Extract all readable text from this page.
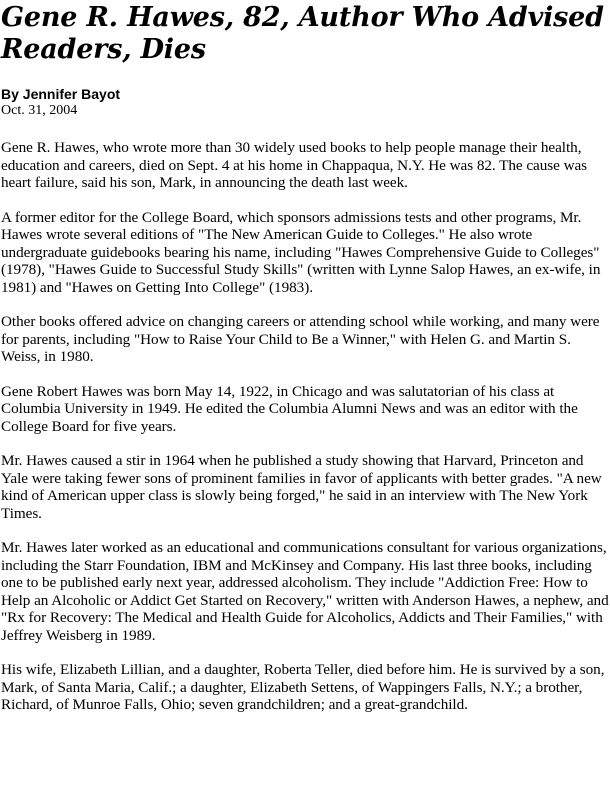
Gene R. Hawes, 82, Author Who Advised Readers, Dies
By Jennifer Bayot
Oct. 31, 2004

Gene R. Hawes, who wrote more than 30 widely used books to help people manage their health, education and careers, died on Sept. 4 at his home in Chappaqua, N.Y. He was 82. The cause was heart failure, said his son, Mark, in announcing the death last week.

A former editor for the College Board, which sponsors admissions tests and other programs, Mr. Hawes wrote several editions of "The New American Guide to Colleges." He also wrote undergraduate guidebooks bearing his name, including "Hawes Comprehensive Guide to Colleges" (1978), "Hawes Guide to Successful Study Skills" (written with Lynne Salop Hawes, an ex-wife, in 1981) and "Hawes on Getting Into College" (1983).

Other books offered advice on changing careers or attending school while working, and many were for parents, including "How to Raise Your Child to Be a Winner," with Helen G. and Martin S. Weiss, in 1980.

Gene Robert Hawes was born May 14, 1922, in Chicago and was salutatorian of his class at Columbia University in 1949. He edited the Columbia Alumni News and was an editor with the College Board for five years.

Mr. Hawes caused a stir in 1964 when he published a study showing that Harvard, Princeton and Yale were taking fewer sons of prominent families in favor of applicants with better grades. "A new kind of American upper class is slowly being forged," he said in an interview with The New York Times.

Mr. Hawes later worked as an educational and communications consultant for various organizations, including the Starr Foundation, IBM and McKinsey and Company. His last three books, including one to be published early next year, addressed alcoholism. They include "Addiction Free: How to Help an Alcoholic or Addict Get Started on Recovery," written with Anderson Hawes, a nephew, and "Rx for Recovery: The Medical and Health Guide for Alcoholics, Addicts and Their Families," with Jeffrey Weisberg in 1989.

His wife, Elizabeth Lillian, and a daughter, Roberta Teller, died before him. He is survived by a son, Mark, of Santa Maria, Calif.; a daughter, Elizabeth Settens, of Wappingers Falls, N.Y.; a brother, Richard, of Munroe Falls, Ohio; seven grandchildren; and a great-grandchild.
